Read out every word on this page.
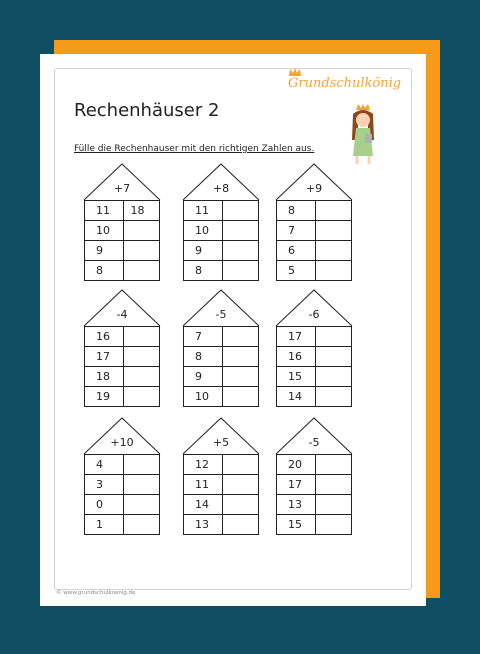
Grundschulkönig
Rechenhäuser 2
Fülle die Rechenhauser mit den richtigen Zahlen aus.
+7
11	18
10	
9	
8	
+8
11	
10	
9	
8	
+9
8	
7	
6	
5	
-4
16	
17	
18	
19	
-5
7	
8	
9	
10	
-6
17	
16	
15	
14	
+10
4	
3	
0	
1	
+5
12	
11	
14	
13	
-5
20	
17	
13	
15	
© www.grundschulkoenig.de
